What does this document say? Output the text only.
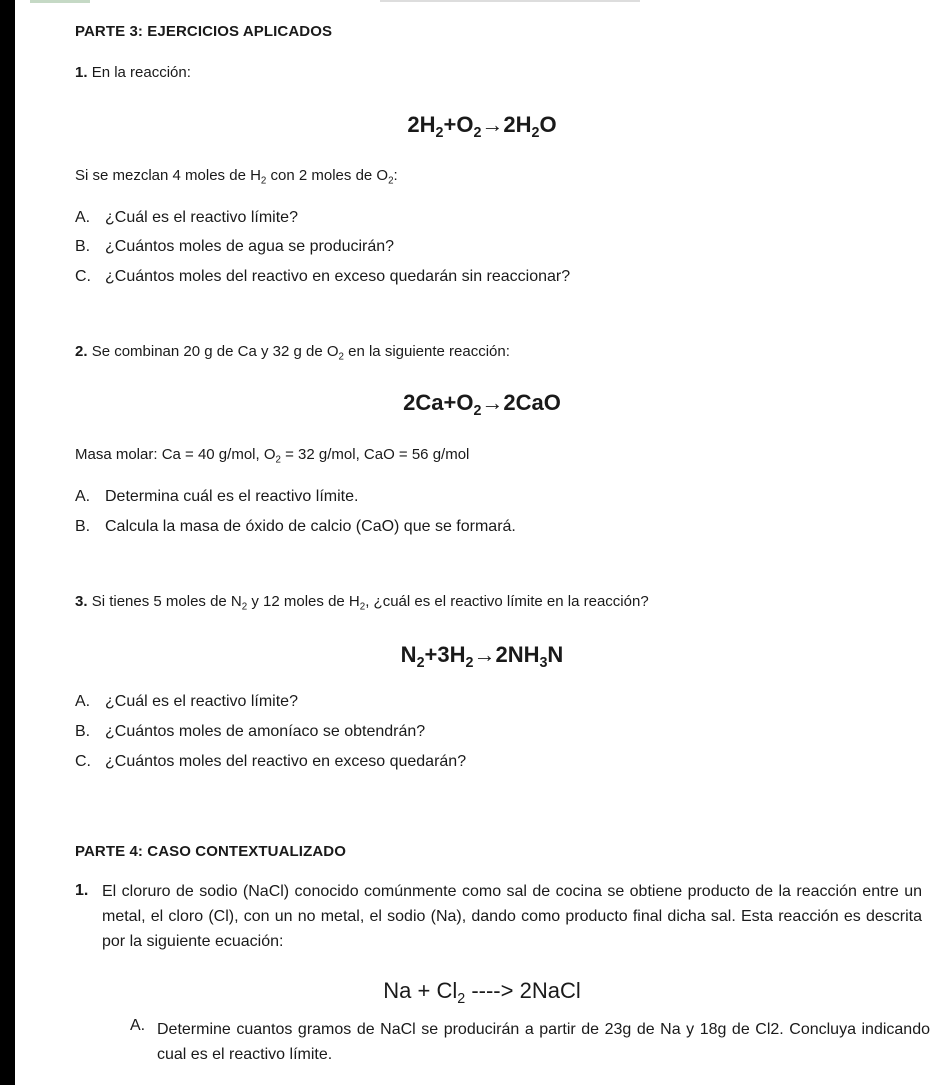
PARTE 3: EJERCICIOS APLICADOS
1. En la reacción:
$2H_2+O_2\to 2H_2O$
Si se mezclan 4 moles de $H_2$ con 2 moles de $O_2$:
A. ¿Cuál es el reactivo límite?
B. ¿Cuántos moles de agua se producirán?
C. ¿Cuántos moles del reactivo en exceso quedarán sin reaccionar?
2. Se combinan 20 g de Ca y 32 g de $O_2$ en la siguiente reacción:
$2Ca+O_2\to 2CaO$
Masa molar: Ca = 40 g/mol, $O_2 = 32$ g/mol, CaO = 56 g/mol
A. Determina cuál es el reactivo límite.
B. Calcula la masa de óxido de calcio (CaO) que se formará.
3. Si tienes 5 moles de $N_2$ y 12 moles de $H_2$, ¿cuál es el reactivo límite en la reacción?
$N_2+3H_2\to 2NH_3N$
A. ¿Cuál es el reactivo límite?
B. ¿Cuántos moles de amoníaco se obtendrán?
C. ¿Cuántos moles del reactivo en exceso quedarán?
PARTE 4: CASO CONTEXTUALIZADO
1. El cloruro de sodio (NaCl) conocido comúnmente como sal de cocina se obtiene producto de la reacción entre un metal, el cloro (Cl), con un no metal, el sodio (Na), dando como producto final dicha sal. Esta reacción es descrita por la siguiente ecuación:
$Na + Cl_2$ ----> 2NaCl
A. Determine cuantos gramos de NaCl se producirán a partir de 23g de Na y 18g de Cl2. Concluya indicando cual es el reactivo límite.
